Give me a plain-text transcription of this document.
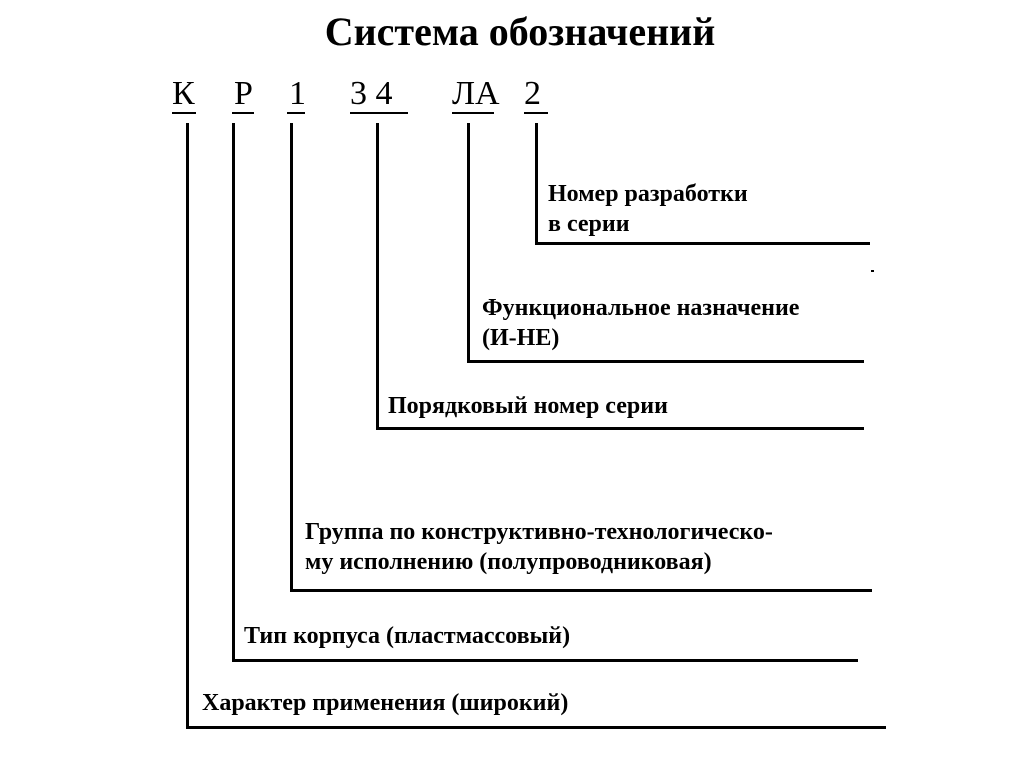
Система обозначений
К Р 1 3 4 ЛА 2
Номер разработки
в серии
Функциональное назначение
(И-НЕ)
Порядковый номер серии
Группа по конструктивно-технологическо-
му исполнению (полупроводниковая)
Тип корпуса (пластмассовый)
Характер применения (широкий)
